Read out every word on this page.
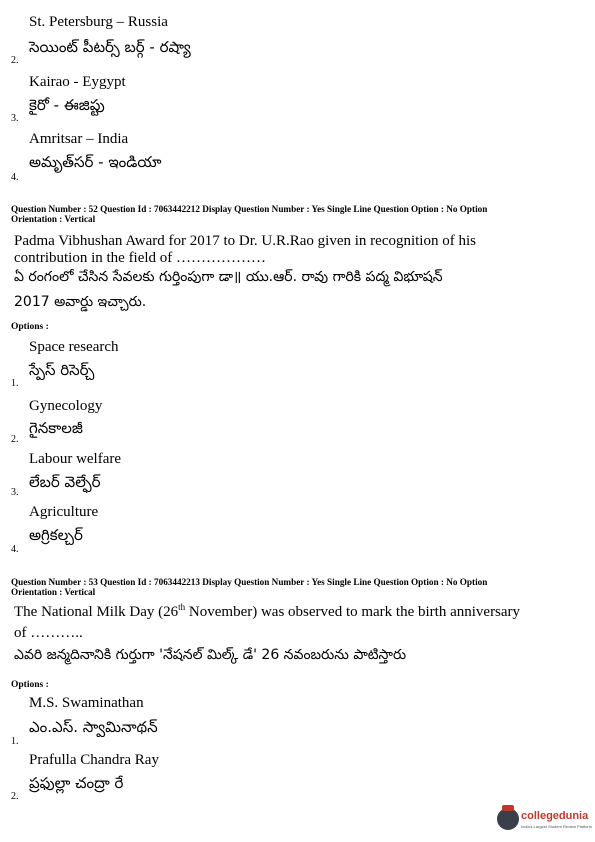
St. Petersburg – Russia
సెయింట్ పీటర్స్ బర్గ్ - రష్యా
2.
Kairao - Eygypt
కైరో - ఈజిప్టు
3.
Amritsar – India
అమృత్‌సర్ - ఇండియా
4.
Question Number : 52 Question Id : 7063442212 Display Question Number : Yes Single Line Question Option : No Option
Orientation : Vertical
Padma Vibhushan Award for 2017 to Dr. U.R.Rao given in recognition of his
contribution in the field of ………………
ఏ రంగంలో చేసిన సేవలకు గుర్తింపుగా డా॥ యు.ఆర్. రావు గారికి పద్మ విభూషన్
2017 అవార్డు ఇచ్చారు.
Options :
Space research
స్పేస్ రిసెర్చ్
1.
Gynecology
గైనకాలజీ
2.
Labour welfare
లేబర్ వెల్ఫేర్
3.
Agriculture
అగ్రికల్చర్
4.
Question Number : 53 Question Id : 7063442213 Display Question Number : Yes Single Line Question Option : No Option
Orientation : Vertical
The National Milk Day (26th November) was observed to mark the birth anniversary
of ………..
ఎవరి జన్మదినానికి గుర్తుగా 'నేషనల్ మిల్క్ డే' 26 నవంబరును పాటిస్తారు
Options :
M.S. Swaminathan
ఎం.ఎస్. స్వామినాథన్
1.
Prafulla Chandra Ray
ప్రఫుల్లా చంద్రా రే
2.
collegedunia
India's Largest Student Review Platform
